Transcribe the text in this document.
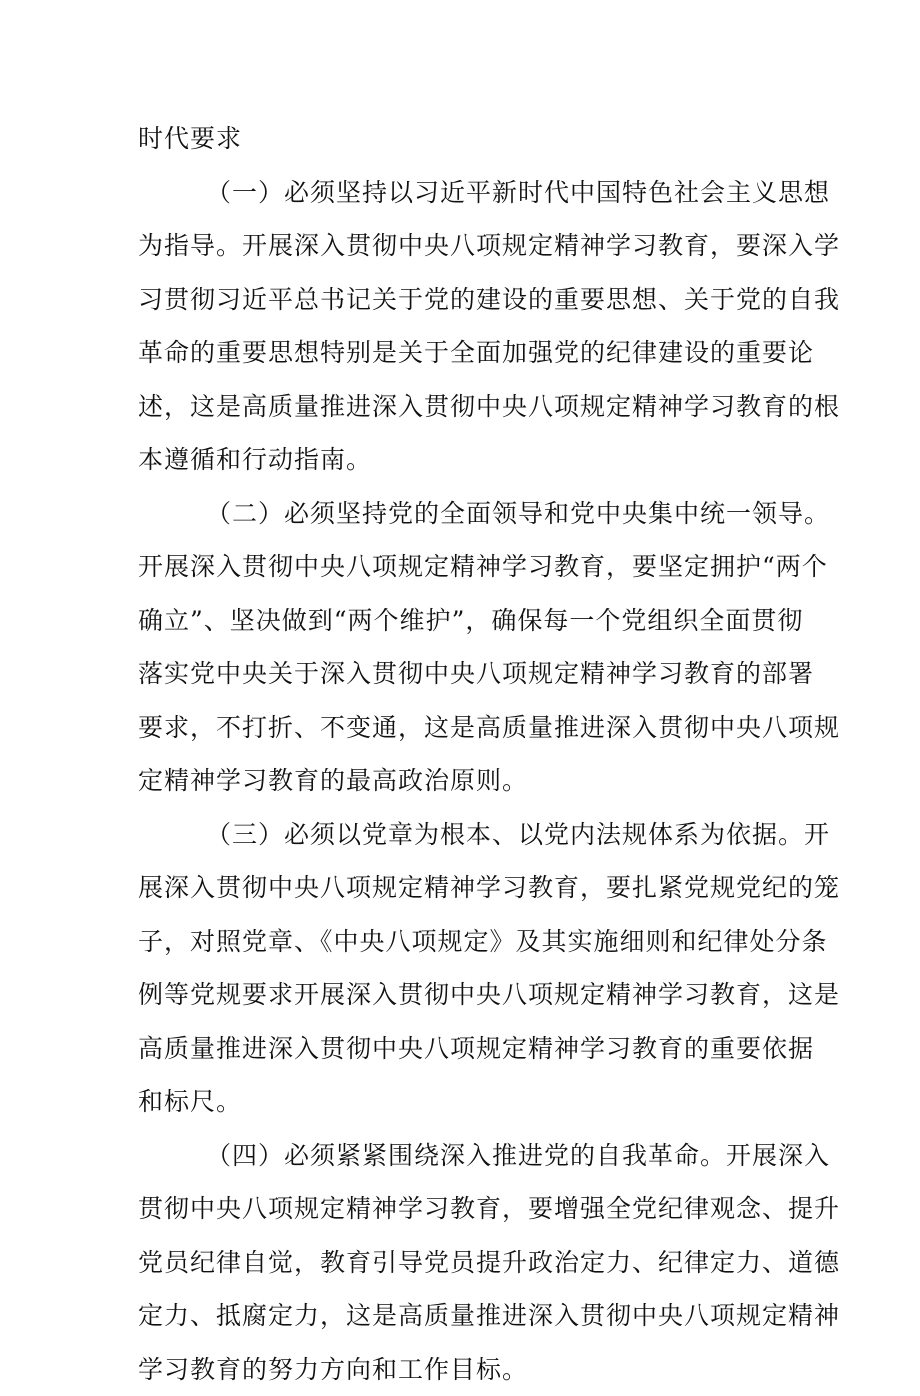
时代要求
（一）必须坚持以习近平新时代中国特色社会主义思想
为指导。开展深入贯彻中央八项规定精神学习教育，要深入学
习贯彻习近平总书记关于党的建设的重要思想、关于党的自我
革命的重要思想特别是关于全面加强党的纪律建设的重要论
述，这是高质量推进深入贯彻中央八项规定精神学习教育的根
本遵循和行动指南。
（二）必须坚持党的全面领导和党中央集中统一领导。
开展深入贯彻中央八项规定精神学习教育，要坚定拥护“两个
确立”、坚决做到“两个维护”，确保每一个党组织全面贯彻
落实党中央关于深入贯彻中央八项规定精神学习教育的部署
要求，不打折、不变通，这是高质量推进深入贯彻中央八项规
定精神学习教育的最高政治原则。
（三）必须以党章为根本、以党内法规体系为依据。开
展深入贯彻中央八项规定精神学习教育，要扎紧党规党纪的笼
子，对照党章、《中央八项规定》及其实施细则和纪律处分条
例等党规要求开展深入贯彻中央八项规定精神学习教育，这是
高质量推进深入贯彻中央八项规定精神学习教育的重要依据
和标尺。
（四）必须紧紧围绕深入推进党的自我革命。开展深入
贯彻中央八项规定精神学习教育，要增强全党纪律观念、提升
党员纪律自觉，教育引导党员提升政治定力、纪律定力、道德
定力、抵腐定力，这是高质量推进深入贯彻中央八项规定精神
学习教育的努力方向和工作目标。
